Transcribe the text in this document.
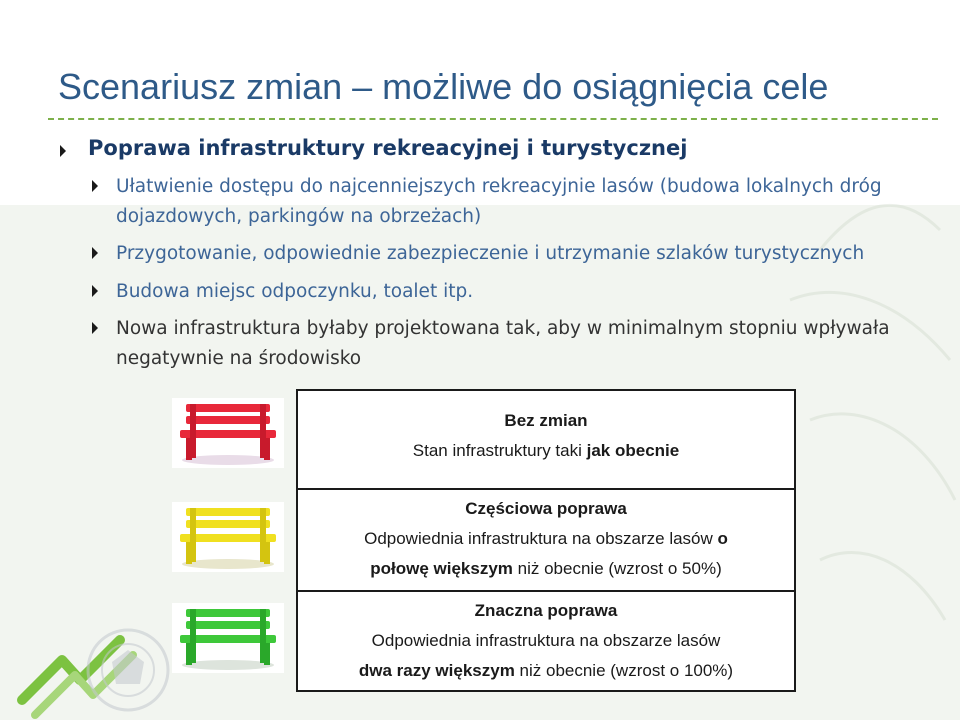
Scenariusz zmian – możliwe do osiągnięcia cele
Poprawa infrastruktury rekreacyjnej i turystycznej
Ułatwienie dostępu do najcenniejszych rekreacyjnie lasów (budowa lokalnych dróg dojazdowych, parkingów na obrzeżach)
Przygotowanie, odpowiednie zabezpieczenie i utrzymanie szlaków turystycznych
Budowa miejsc odpoczynku, toalet itp.
Nowa infrastruktura byłaby projektowana tak, aby w minimalnym stopniu wpływała negatywnie na środowisko
Bez zmian
Stan infrastruktury taki jak obecnie
Częściowa poprawa
Odpowiednia infrastruktura na obszarze lasów o
połowę większym niż obecnie (wzrost o 50%)
Znaczna poprawa
Odpowiednia infrastruktura na obszarze lasów
dwa razy większym niż obecnie (wzrost o 100%)
